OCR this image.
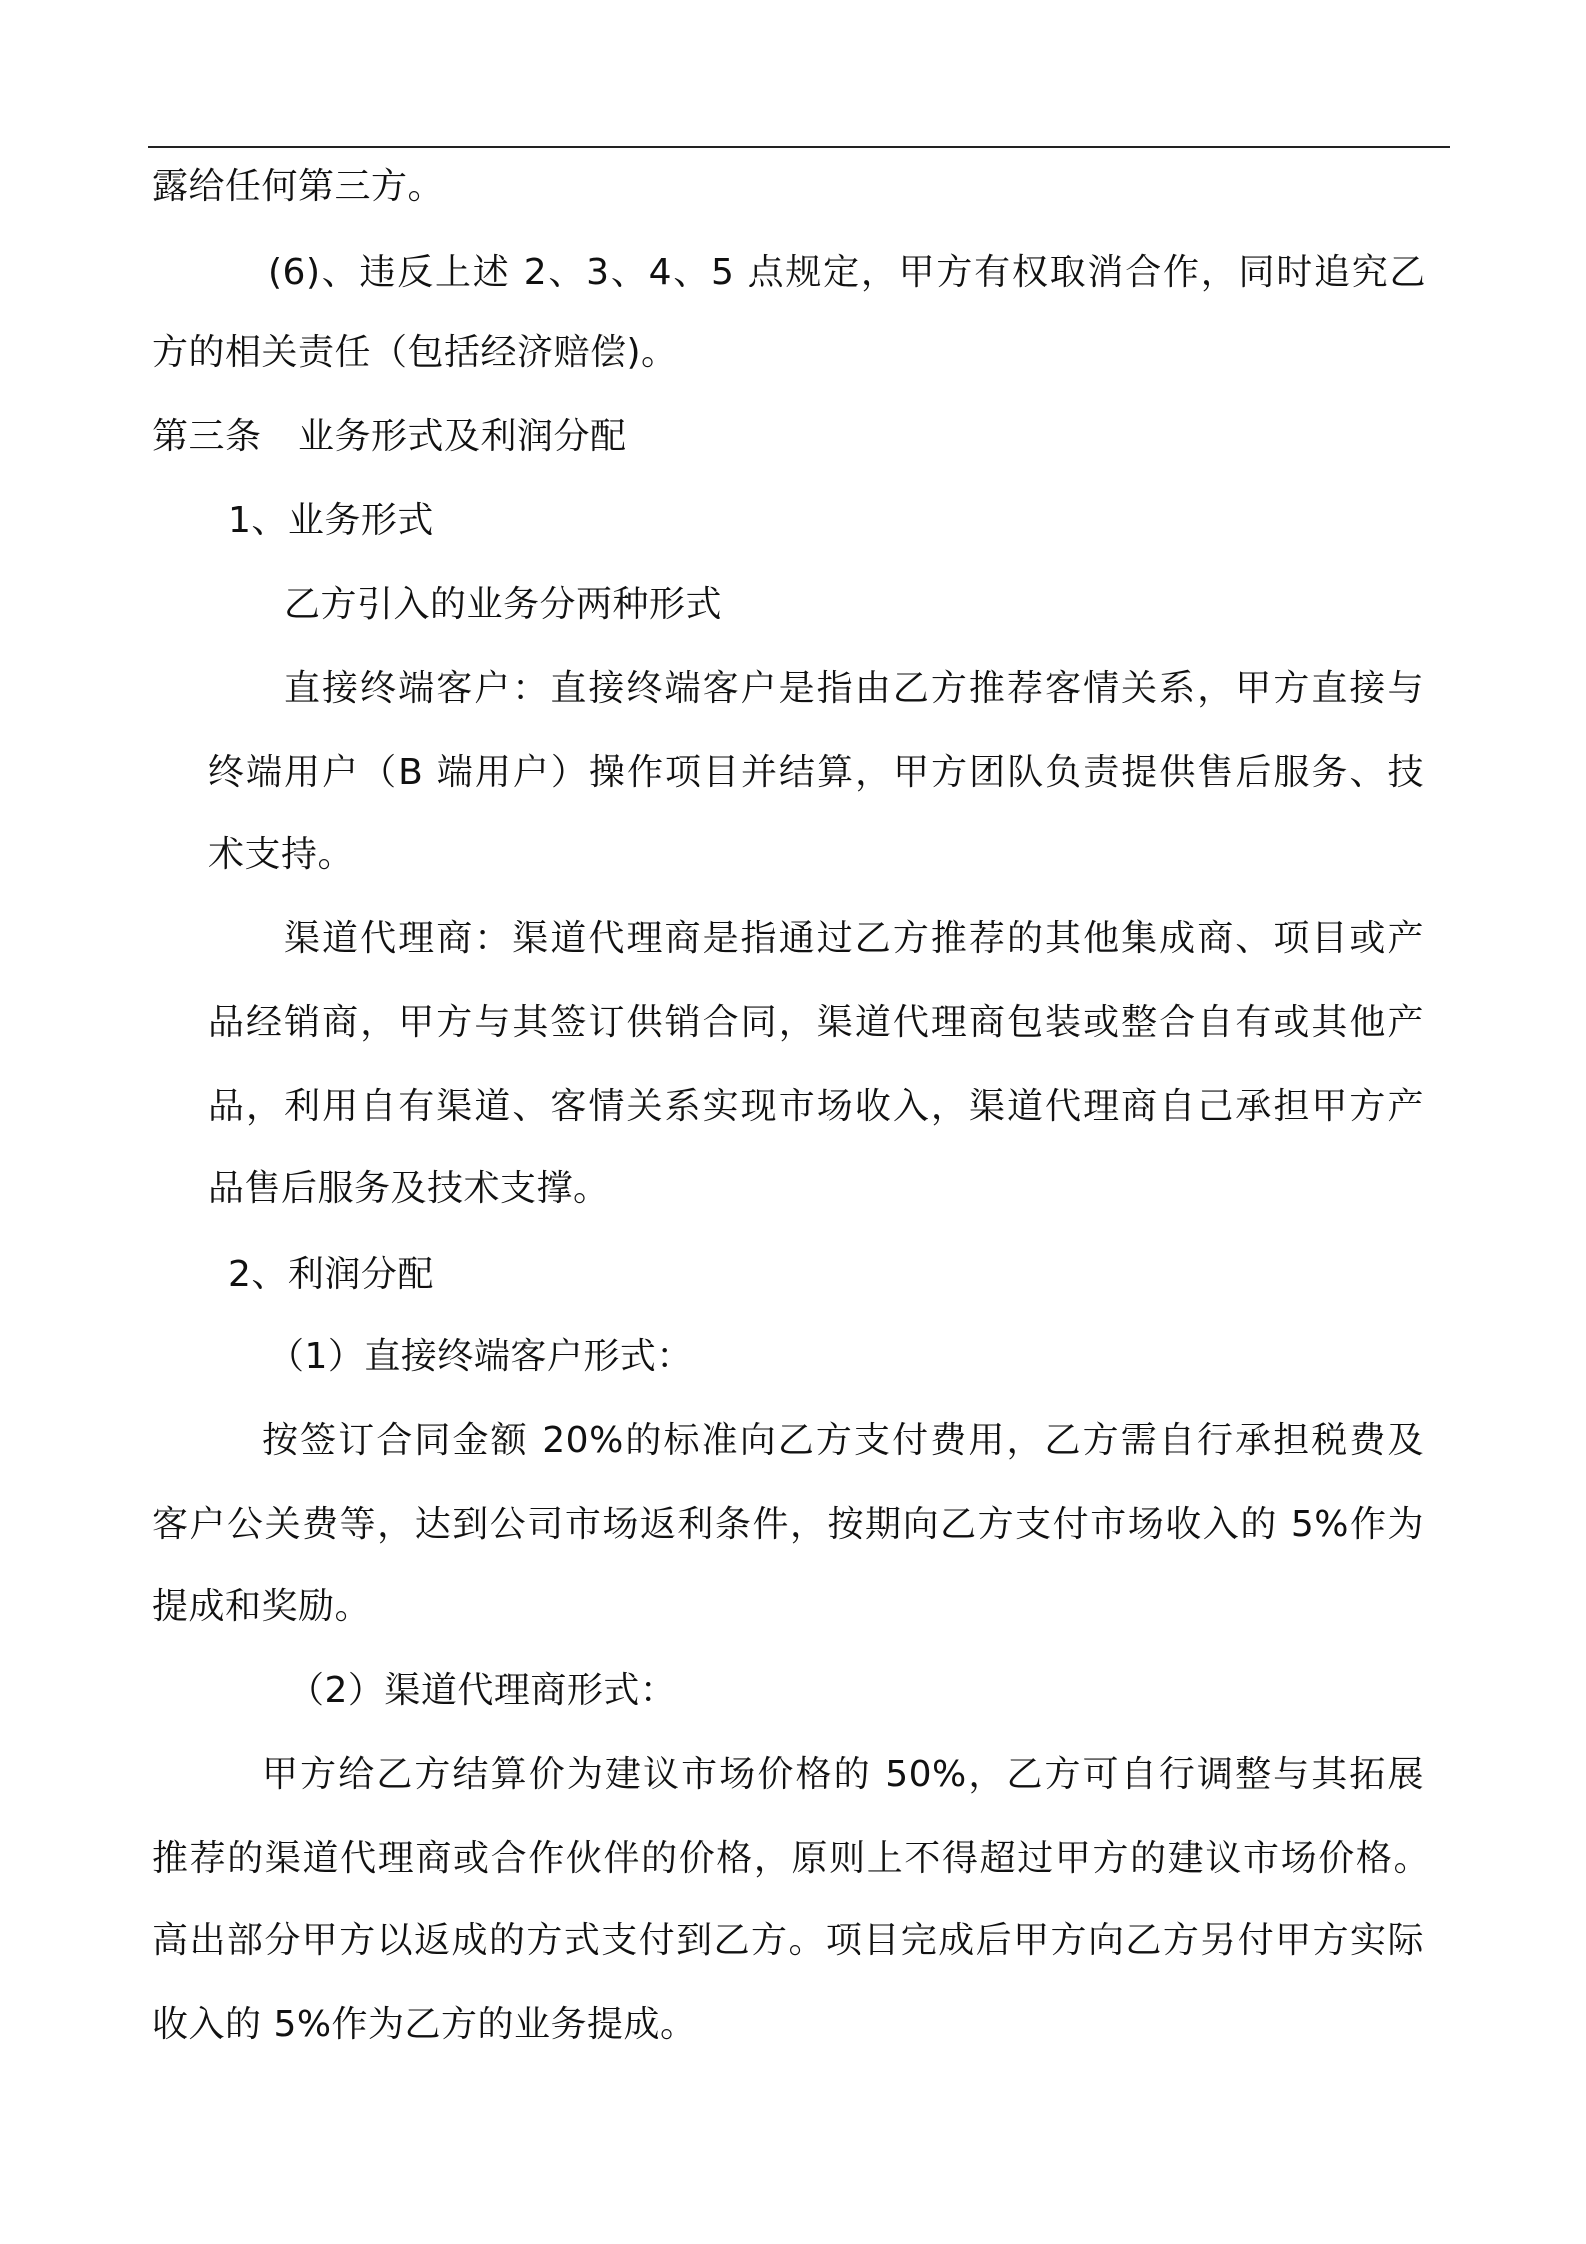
露给任何第三方。
(6)、违反上述 2、3、4、5 点规定，甲方有权取消合作，同时追究乙
方的相关责任（包括经济赔偿)。
第三条　业务形式及利润分配
1、业务形式
乙方引入的业务分两种形式
直接终端客户：直接终端客户是指由乙方推荐客情关系，甲方直接与
终端用户（B 端用户）操作项目并结算，甲方团队负责提供售后服务、技
术支持。
渠道代理商：渠道代理商是指通过乙方推荐的其他集成商、项目或产
品经销商，甲方与其签订供销合同，渠道代理商包装或整合自有或其他产
品，利用自有渠道、客情关系实现市场收入，渠道代理商自己承担甲方产
品售后服务及技术支撑。
2、利润分配
（1）直接终端客户形式：
按签订合同金额 20%的标准向乙方支付费用，乙方需自行承担税费及
客户公关费等，达到公司市场返利条件，按期向乙方支付市场收入的 5%作为
提成和奖励。
（2）渠道代理商形式：
甲方给乙方结算价为建议市场价格的 50%，乙方可自行调整与其拓展
推荐的渠道代理商或合作伙伴的价格，原则上不得超过甲方的建议市场价格。
高出部分甲方以返成的方式支付到乙方。项目完成后甲方向乙方另付甲方实际
收入的 5%作为乙方的业务提成。
